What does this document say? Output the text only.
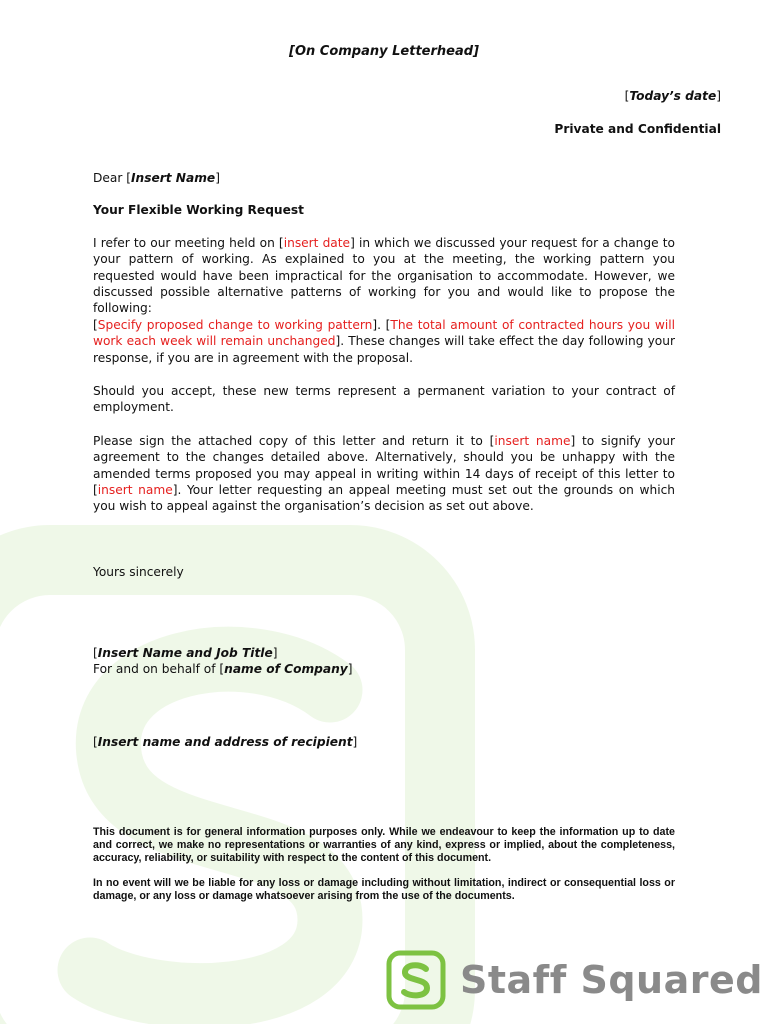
[On Company Letterhead]
[Today’s date]
Private and Confidential
Dear [Insert Name]
Your Flexible Working Request

I refer to our meeting held on [insert date] in which we discussed your request for a change to your pattern of working. As explained to you at the meeting, the working pattern you requested would have been impractical for the organisation to accommodate. However, we discussed possible alternative patterns of working for you and would like to propose the following:

[Specify proposed change to working pattern]. [The total amount of contracted hours you will work each week will remain unchanged]. These changes will take effect the day following your response, if you are in agreement with the proposal.

Should you accept, these new terms represent a permanent variation to your contract of employment.

Please sign the attached copy of this letter and return it to [insert name] to signify your agreement to the changes detailed above. Alternatively, should you be unhappy with the amended terms proposed you may appeal in writing within 14 days of receipt of this letter to [insert name]. Your letter requesting an appeal meeting must set out the grounds on which you wish to appeal against the organisation’s decision as set out above.

Yours sincerely
[Insert Name and Job Title]
For and on behalf of [name of Company]
[Insert name and address of recipient]
This document is for general information purposes only. While we endeavour to keep the information up to date and correct, we make no representations or warranties of any kind, express or implied, about the completeness, accuracy, reliability, or suitability with respect to the content of this document.
In no event will we be liable for any loss or damage including without limitation, indirect or consequential loss or damage, or any loss or damage whatsoever arising from the use of the documents.
Staff Squared
